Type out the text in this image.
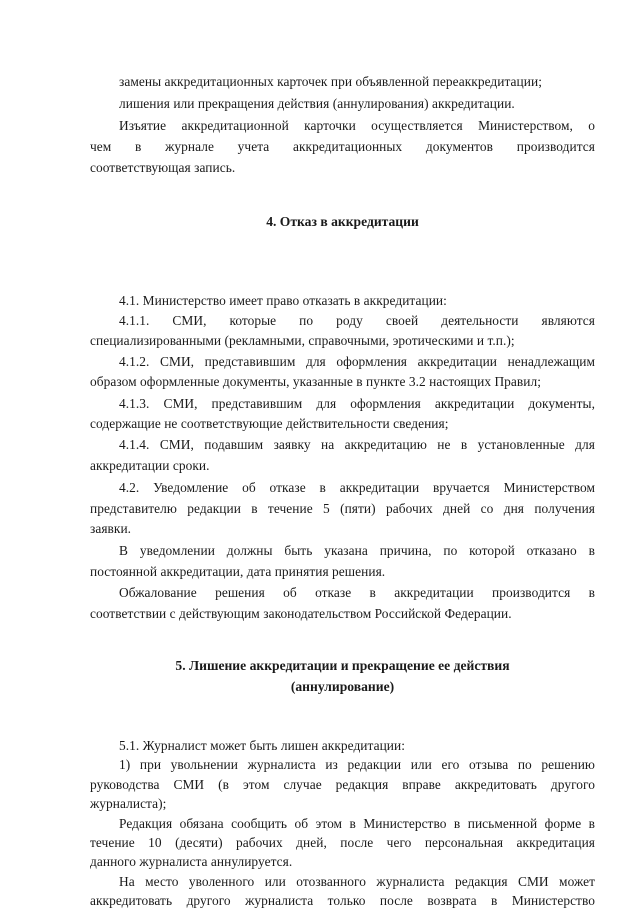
замены аккредитационных карточек при объявленной переаккредитации;
лишения или прекращения действия (аннулирования) аккредитации.
Изъятие аккредитационной карточки осуществляется Министерством, о
чем в журнале учета аккредитационных документов производится
соответствующая запись.
4. Отказ в аккредитации
4.1. Министерство имеет право отказать в аккредитации:
4.1.1. СМИ, которые по роду своей деятельности являются
специализированными (рекламными, справочными, эротическими и т.п.);
4.1.2. СМИ, представившим для оформления аккредитации ненадлежащим
образом оформленные документы, указанные в пункте 3.2 настоящих Правил;
4.1.3. СМИ, представившим для оформления аккредитации документы,
содержащие не соответствующие действительности сведения;
4.1.4. СМИ, подавшим заявку на аккредитацию не в установленные для
аккредитации сроки.
4.2. Уведомление об отказе в аккредитации вручается Министерством
представителю редакции в течение 5 (пяти) рабочих дней со дня получения
заявки.
В уведомлении должны быть указана причина, по которой отказано в
постоянной аккредитации, дата принятия решения.
Обжалование решения об отказе в аккредитации производится в
соответствии с действующим законодательством Российской Федерации.
5. Лишение аккредитации и прекращение ее действия
(аннулирование)
5.1. Журналист может быть лишен аккредитации:
1) при увольнении журналиста из редакции или его отзыва по решению
руководства СМИ (в этом случае редакция вправе аккредитовать другого
журналиста);
Редакция обязана сообщить об этом в Министерство в письменной форме в
течение 10 (десяти) рабочих дней, после чего персональная аккредитация
данного журналиста аннулируется.
На место уволенного или отозванного журналиста редакция СМИ может
аккредитовать другого журналиста только после возврата в Министерство
